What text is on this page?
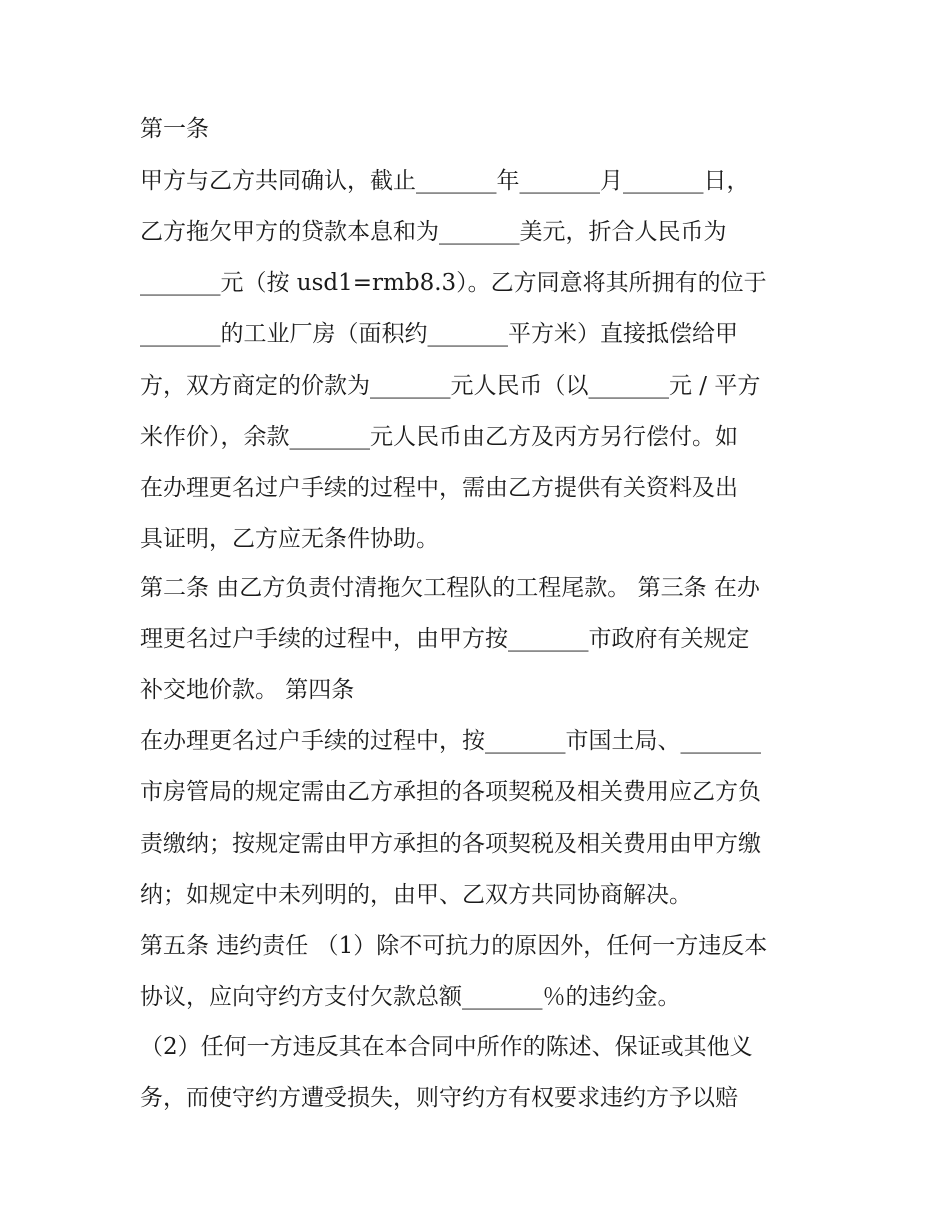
第一条
甲方与乙方共同确认，截止_______年_______月_______日，
乙方拖欠甲方的贷款本息和为_______美元，折合人民币为
_______元（按 usd1=rmb8.3）。乙方同意将其所拥有的位于
_______的工业厂房（面积约_______平方米）直接抵偿给甲
方，双方商定的价款为_______元人民币（以_______元 / 平方
米作价），余款_______元人民币由乙方及丙方另行偿付。如
在办理更名过户手续的过程中，需由乙方提供有关资料及出
具证明，乙方应无条件协助。
第二条 由乙方负责付清拖欠工程队的工程尾款。 第三条 在办
理更名过户手续的过程中，由甲方按_______市政府有关规定
补交地价款。 第四条
在办理更名过户手续的过程中，按_______市国土局、_______
市房管局的规定需由乙方承担的各项契税及相关费用应乙方负
责缴纳；按规定需由甲方承担的各项契税及相关费用由甲方缴
纳；如规定中未列明的，由甲、乙双方共同协商解决。
第五条 违约责任 （1）除不可抗力的原因外，任何一方违反本
协议，应向守约方支付欠款总额_______％的违约金。
（2）任何一方违反其在本合同中所作的陈述、保证或其他义
务，而使守约方遭受损失，则守约方有权要求违约方予以赔
